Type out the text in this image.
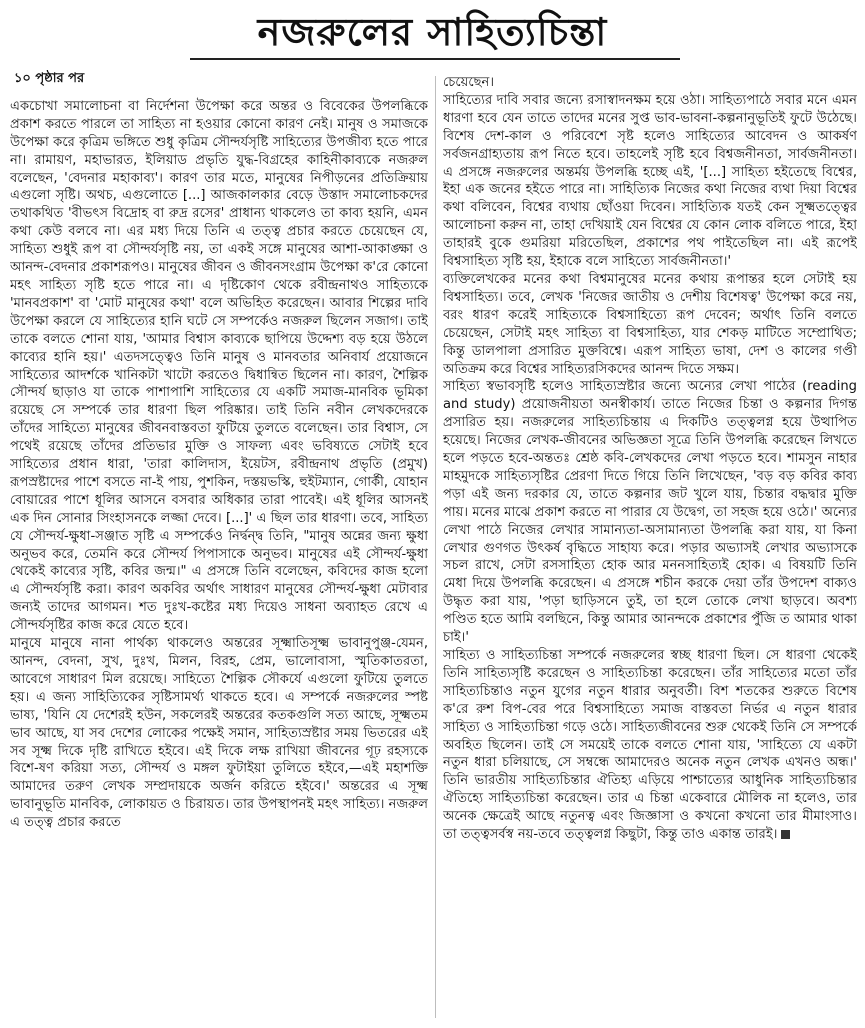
নজরুলের সাহিত্যচিন্তা
১০ পৃষ্ঠার পর

একচোখা সমালোচনা বা নির্দেশনা উপেক্ষা করে অন্তর ও বিবেকের উপলব্ধিকে প্রকাশ করতে পারলে তা সাহিত্য না হওয়ার কোনো কারণ নেই। মানুষ ও সমাজকে উপেক্ষা করে কৃত্রিম ভঙ্গিতে শুধু কৃত্রিম সৌন্দর্যসৃষ্টি সাহিত্যের উপজীব্য হতে পারে না। রামায়ণ, মহাভারত, ইলিয়াড প্রভৃতি যুদ্ধ-বিগ্রহের কাহিনীকাব্যকে নজরুল বলেছেন, 'বেদনার মহাকাব্য'। কারণ তার মতে, মানুষের নিপীড়নের প্রতিক্রিয়ায় এগুলো সৃষ্টি। অথচ, এগুলোতে [...] আজকালকার বেড়ে উস্তাদ সমালোচকদের তথাকথিত 'বীভৎস বিদ্রোহ বা রুদ্র রসের' প্রাধান্য থাকলেও তা কাব্য হয়নি, এমন কথা কেউ বলবে না। এর মধ্য দিয়ে তিনি এ তত্ত্ব প্রচার করতে চেয়েছেন যে, সাহিত্য শুধুই রূপ বা সৌন্দর্যসৃষ্টি নয়, তা একই সঙ্গে মানুষের আশা-আকাঙ্ক্ষা ও আনন্দ-বেদনার প্রকাশরূপও। মানুষের জীবন ও জীবনসংগ্রাম উপেক্ষা ক'রে কোনো মহৎ সাহিত্য সৃষ্টি হতে পারে না। এ দৃষ্টিকোণ থেকে রবীন্দ্রনাথও সাহিত্যকে 'মানবপ্রকাশ' বা 'মোট মানুষের কথা' বলে অভিহিত করেছেন। আবার শিল্পের দাবি উপেক্ষা করলে যে সাহিত্যের হানি ঘটে সে সম্পর্কেও নজরুল ছিলেন সজাগ। তাই তাকে বলতে শোনা যায়, 'আমার বিশ্বাস কাব্যকে ছাপিয়ে উদ্দেশ্য বড় হয়ে উঠলে কাব্যের হানি হয়।' এতদসত্ত্বেও তিনি মানুষ ও মানবতার অনিবার্য প্রয়োজনে সাহিত্যের আদর্শকে খানিকটা খাটো করতেও দ্বিধান্বিত ছিলেন না। কারণ, শৈল্পিক সৌন্দর্য ছাড়াও যা তাকে পাশাপাশি সাহিত্যের যে একটি সমাজ-মানবিক ভূমিকা রয়েছে সে সম্পর্কে তার ধারণা ছিল পরিষ্কার। তাই তিনি নবীন লেখকদেরকে তাঁদের সাহিত্যে মানুষের জীবনবাস্তবতা ফুটিয়ে তুলতে বলেছেন। তার বিশ্বাস, সে পথেই রয়েছে তাঁদের প্রতিভার মুক্তি ও সাফল্য এবং ভবিষ্যতে সেটাই হবে সাহিত্যের প্রধান ধারা, 'তারা কালিদাস, ইয়েটস, রবীন্দ্রনাথ প্রভৃতি (প্রমুখ) রূপস্রষ্টাদের পাশে বসতে না-ই পায়, পুশকিন, দস্তয়ভস্কি, হুইটম্যান, গোর্কী, যোহান বোয়ারের পাশে ধূলির আসনে বসবার অধিকার তারা পাবেই। এই ধূলির আসনই এক দিন সোনার সিংহাসনকে লজ্জা দেবে। [...]' এ ছিল তার ধারণা। তবে, সাহিত্য যে সৌন্দর্য-ক্ষুধা-সঞ্জাত সৃষ্টি এ সম্পর্কেও নির্দ্বন্দ্ব তিনি, "মানুষ অন্নের জন্য ক্ষুধা অনুভব করে, তেমনি করে সৌন্দর্য পিপাসাকে অনুভব। মানুষের এই সৌন্দর্য-ক্ষুধা থেকেই কাব্যের সৃষ্টি, কবির জন্ম।" এ প্রসঙ্গে তিনি বলেছেন, কবিদের কাজ হলো এ সৌন্দর্যসৃষ্টি করা। কারণ অকবির অর্থাৎ সাধারণ মানুষের সৌন্দর্য-ক্ষুধা মেটাবার জন্যই তাদের আগমন। শত দুঃখ-কষ্টের মধ্য দিয়েও সাধনা অব্যাহত রেখে এ সৌন্দর্যসৃষ্টির কাজ করে যেতে হবে।

মানুষে মানুষে নানা পার্থক্য থাকলেও অন্তরের সূক্ষ্মাতিসূক্ষ্ম ভাবানুপুঞ্জ-যেমন, আনন্দ, বেদনা, সুখ, দুঃখ, মিলন, বিরহ, প্রেম, ভালোবাসা, স্মৃতিকাতরতা, আবেগে সাধারণ মিল রয়েছে। সাহিত্যে শৈল্পিক সৌকর্যে এগুলো ফুটিয়ে তুলতে হয়। এ জন্য সাহিত্যিকের সৃষ্টিসামর্থ্য থাকতে হবে। এ সম্পর্কে নজরুলের স্পষ্ট ভাষ্য, 'যিনি যে দেশেরই হউন, সকলেরই অন্তরের কতকগুলি সত্য আছে, সূক্ষ্মতম ভাব আছে, যা সব দেশের লোকের পক্ষেই সমান, সাহিত্যস্রষ্টার সময় ভিতরের এই সব সূক্ষ্ম দিকে দৃষ্টি রাখিতে হইবে। এই দিকে লক্ষ রাখিয়া জীবনের গূঢ় রহস্যকে বিশে-ষণ করিয়া সত্য, সৌন্দর্য ও মঙ্গল ফুটাইয়া তুলিতে হইবে,—এই মহাশক্তি আমাদের তরুণ লেখক সম্প্রদায়কে অর্জন করিতে হইবে।' অন্তরের এ সূক্ষ্ম ভাবানুভূতি মানবিক, লোকায়ত ও চিরায়ত। তার উপস্থাপনই মহৎ সাহিত্য। নজরুল এ তত্ত্ব প্রচার করতে

চেয়েছেন।

সাহিত্যের দাবি সবার জন্যে রসাস্বাদনক্ষম হয়ে ওঠা। সাহিত্যপাঠে সবার মনে এমন ধারণা হবে যেন তাতে তাদের মনের সুপ্ত ভাব-ভাবনা-কল্পনানুভূতিই ফুটে উঠেছে। বিশেষ দেশ-কাল ও পরিবেশে সৃষ্ট হলেও সাহিত্যের আবেদন ও আকর্ষণ সর্বজনগ্রাহ্যতায় রূপ নিতে হবে। তাহলেই সৃষ্টি হবে বিশ্বজনীনতা, সার্বজনীনতা। এ প্রসঙ্গে নজরুলের অন্তর্ময় উপলব্ধি হচ্ছে এই, '[...] সাহিত্য হইতেছে বিশ্বের, ইহা এক জনের হইতে পারে না। সাহিত্যিক নিজের কথা নিজের ব্যথা দিয়া বিশ্বের কথা বলিবেন, বিশ্বের ব্যথায় ছোঁওয়া দিবেন। সাহিত্যিক যতই কেন সূক্ষ্মতত্ত্বের আলোচনা করুন না, তাহা দেখিয়াই যেন বিশ্বের যে কোন লোক বলিতে পারে, ইহা তাহারই বুকে গুমরিয়া মরিতেছিল, প্রকাশের পথ পাইতেছিল না। এই রূপেই বিশ্বসাহিত্য সৃষ্টি হয়, ইহাকে বলে সাহিত্যে সার্বজনীনতা।'

ব্যক্তিলেখকের মনের কথা বিশ্বমানুষের মনের কথায় রূপান্তর হলে সেটাই হয় বিশ্বসাহিত্য। তবে, লেখক 'নিজের জাতীয় ও দেশীয় বিশেষত্ব' উপেক্ষা করে নয়, বরং ধারণ করেই সাহিত্যকে বিশ্বসাহিত্যে রূপ দেবেন; অর্থাৎ তিনি বলতে চেয়েছেন, সেটাই মহৎ সাহিত্য বা বিশ্বসাহিত্য, যার শেকড় মাটিতে সম্প্রোথিত; কিন্তু ডালপালা প্রসারিত মুক্তবিশ্বে। এরূপ সাহিত্য ভাষা, দেশ ও কালের গণ্ডী অতিক্রম করে বিশ্বের সাহিত্যরসিকদের আনন্দ দিতে সক্ষম।

সাহিত্য স্বভাবসৃষ্টি হলেও সাহিত্যস্রষ্টার জন্যে অন্যের লেখা পাঠের (reading and study) প্রয়োজনীয়তা অনস্বীকার্য। তাতে নিজের চিন্তা ও কল্পনার দিগন্ত প্রসারিত হয়। নজরুলের সাহিত্যচিন্তায় এ দিকটিও তত্ত্বলগ্ন হয়ে উত্থাপিত হয়েছে। নিজের লেখক-জীবনের অভিজ্ঞতা সূত্রে তিনি উপলব্ধি করেছেন লিখতে হলে পড়তে হবে-অন্ততঃ শ্রেষ্ঠ কবি-লেখকদের লেখা পড়তে হবে। শামসুন নাহার মাহমুদকে সাহিত্যসৃষ্টির প্রেরণা দিতে গিয়ে তিনি লিখেছেন, 'বড় বড় কবির কাব্য পড়া এই জন্য দরকার যে, তাতে কল্পনার জট খুলে যায়, চিন্তার বদ্ধদ্বার মুক্তি পায়। মনের মাঝে প্রকাশ করতে না পারার যে উদ্বেগ, তা সহজ হয়ে ওঠে।' অন্যের লেখা পাঠে নিজের লেখার সামান্যতা-অসামান্যতা উপলব্ধি করা যায়, যা কিনা লেখার গুণগত উৎকর্ষ বৃদ্ধিতে সাহায্য করে। পড়ার অভ্যাসই লেখার অভ্যাসকে সচল রাখে, সেটা রসসাহিত্য হোক আর মননসাহিত্যই হোক। এ বিষয়টি তিনি মেধা দিয়ে উপলব্ধি করেছেন। এ প্রসঙ্গে শচীন করকে দেয়া তাঁর উপদেশ বাক্যও উদ্ধৃত করা যায়, 'পড়া ছাড়িসনে তুই, তা হলে তোকে লেখা ছাড়বে। অবশ্য পণ্ডিত হতে আমি বলছিনে, কিন্তু আমার আনন্দকে প্রকাশের পুঁজি ত আমার থাকা চাই।'

সাহিত্য ও সাহিত্যচিন্তা সম্পর্কে নজরুলের স্বচ্ছ ধারণা ছিল। সে ধারণা থেকেই তিনি সাহিত্যসৃষ্টি করেছেন ও সাহিত্যচিন্তা করেছেন। তাঁর সাহিত্যের মতো তাঁর সাহিত্যচিন্তাও নতুন যুগের নতুন ধারার অনুবর্তী। বিশ শতকের শুরুতে বিশেষ ক'রে রুশ বিপ-বের পরে বিশ্বসাহিত্যে সমাজ বাস্তবতা নির্ভর এ নতুন ধারার সাহিত্য ও সাহিত্যচিন্তা গড়ে ওঠে। সাহিত্যজীবনের শুরু থেকেই তিনি সে সম্পর্কে অবহিত ছিলেন। তাই সে সময়েই তাকে বলতে শোনা যায়, 'সাহিত্যে যে একটা নতুন ধারা চলিয়াছে, সে সম্বন্ধে আমাদেরও অনেক নতুন লেখক এখনও অন্ধ।' তিনি ভারতীয় সাহিত্যচিন্তার ঐতিহ্য এড়িয়ে পাশ্চাত্যের আধুনিক সাহিত্যচিন্তার ঐতিহ্যে সাহিত্যচিন্তা করেছেন। তার এ চিন্তা একেবারে মৌলিক না হলেও, তার অনেক ক্ষেত্রেই আছে নতুনত্ব এবং জিজ্ঞাসা ও কখনো কখনো তার মীমাংসাও। তা তত্ত্বসর্বস্ব নয়-তবে তত্ত্বলগ্ন কিছুটা, কিন্তু তাও একান্ত তারই।
